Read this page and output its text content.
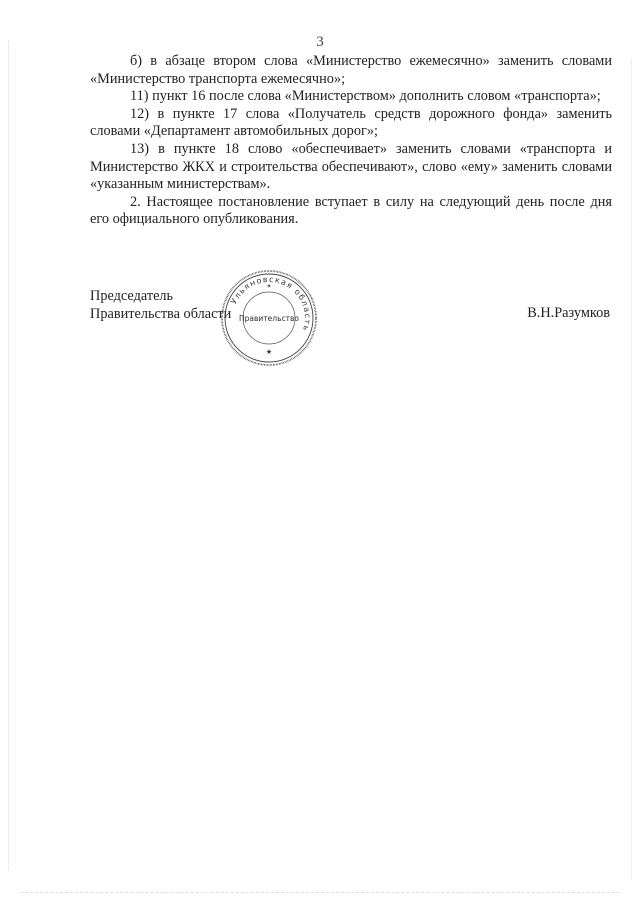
3

б) в абзаце втором слова «Министерство ежемесячно» заменить словами «Министерство транспорта ежемесячно»;

11) пункт 16 после слова «Министерством» дополнить словом «транспорта»;

12) в пункте 17 слова «Получатель средств дорожного фонда» заменить словами «Департамент автомобильных дорог»;

13) в пункте 18 слово «обеспечивает» заменить словами «транспорта и Министерство ЖКХ и строительства обеспечивают», слово «ему» заменить словами «указанным министерствам».

2. Настоящее постановление вступает в силу на следующий день после дня его официального опубликования.

Председатель
Правительства области	В.Н.Разумков
Ульяновская область
Правительство
★
✶
